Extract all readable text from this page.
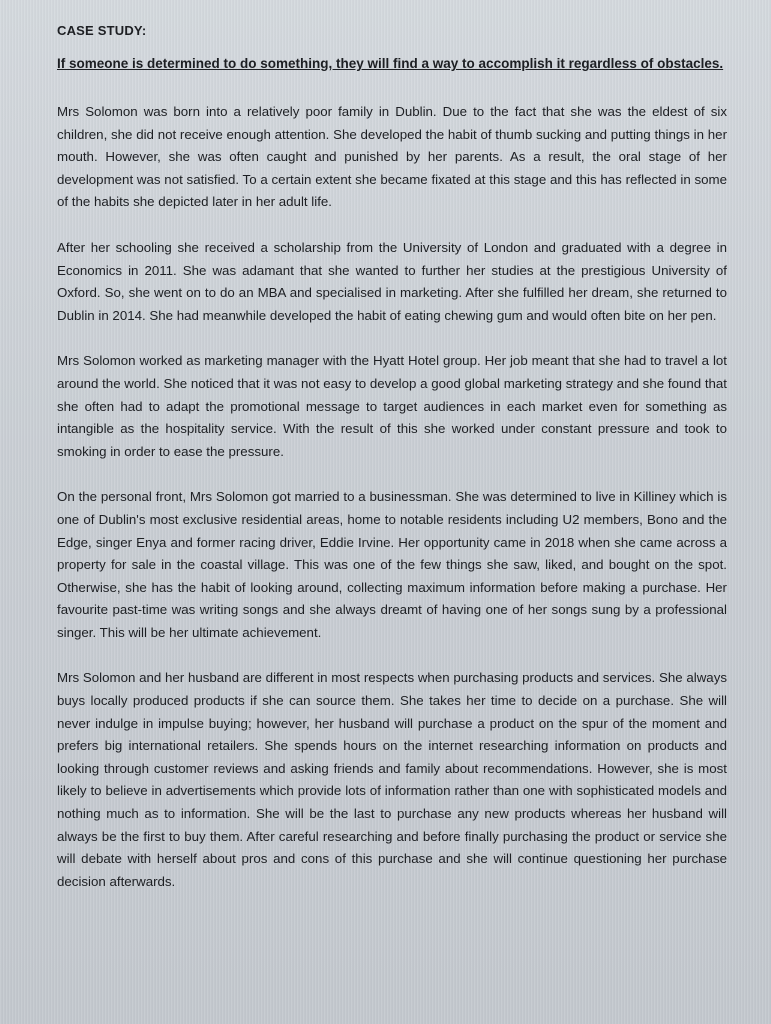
CASE STUDY:
If someone is determined to do something, they will find a way to accomplish it regardless of obstacles.

Mrs Solomon was born into a relatively poor family in Dublin. Due to the fact that she was the eldest of six children, she did not receive enough attention. She developed the habit of thumb sucking and putting things in her mouth. However, she was often caught and punished by her parents. As a result, the oral stage of her development was not satisfied. To a certain extent she became fixated at this stage and this has reflected in some of the habits she depicted later in her adult life.

After her schooling she received a scholarship from the University of London and graduated with a degree in Economics in 2011. She was adamant that she wanted to further her studies at the prestigious University of Oxford. So, she went on to do an MBA and specialised in marketing. After she fulfilled her dream, she returned to Dublin in 2014. She had meanwhile developed the habit of eating chewing gum and would often bite on her pen.

Mrs Solomon worked as marketing manager with the Hyatt Hotel group. Her job meant that she had to travel a lot around the world. She noticed that it was not easy to develop a good global marketing strategy and she found that she often had to adapt the promotional message to target audiences in each market even for something as intangible as the hospitality service. With the result of this she worked under constant pressure and took to smoking in order to ease the pressure.

On the personal front, Mrs Solomon got married to a businessman. She was determined to live in Killiney which is one of Dublin's most exclusive residential areas, home to notable residents including U2 members, Bono and the Edge, singer Enya and former racing driver, Eddie Irvine. Her opportunity came in 2018 when she came across a property for sale in the coastal village. This was one of the few things she saw, liked, and bought on the spot. Otherwise, she has the habit of looking around, collecting maximum information before making a purchase. Her favourite past-time was writing songs and she always dreamt of having one of her songs sung by a professional singer. This will be her ultimate achievement.

Mrs Solomon and her husband are different in most respects when purchasing products and services. She always buys locally produced products if she can source them. She takes her time to decide on a purchase. She will never indulge in impulse buying; however, her husband will purchase a product on the spur of the moment and prefers big international retailers. She spends hours on the internet researching information on products and looking through customer reviews and asking friends and family about recommendations. However, she is most likely to believe in advertisements which provide lots of information rather than one with sophisticated models and nothing much as to information. She will be the last to purchase any new products whereas her husband will always be the first to buy them. After careful researching and before finally purchasing the product or service she will debate with herself about pros and cons of this purchase and she will continue questioning her purchase decision afterwards.
